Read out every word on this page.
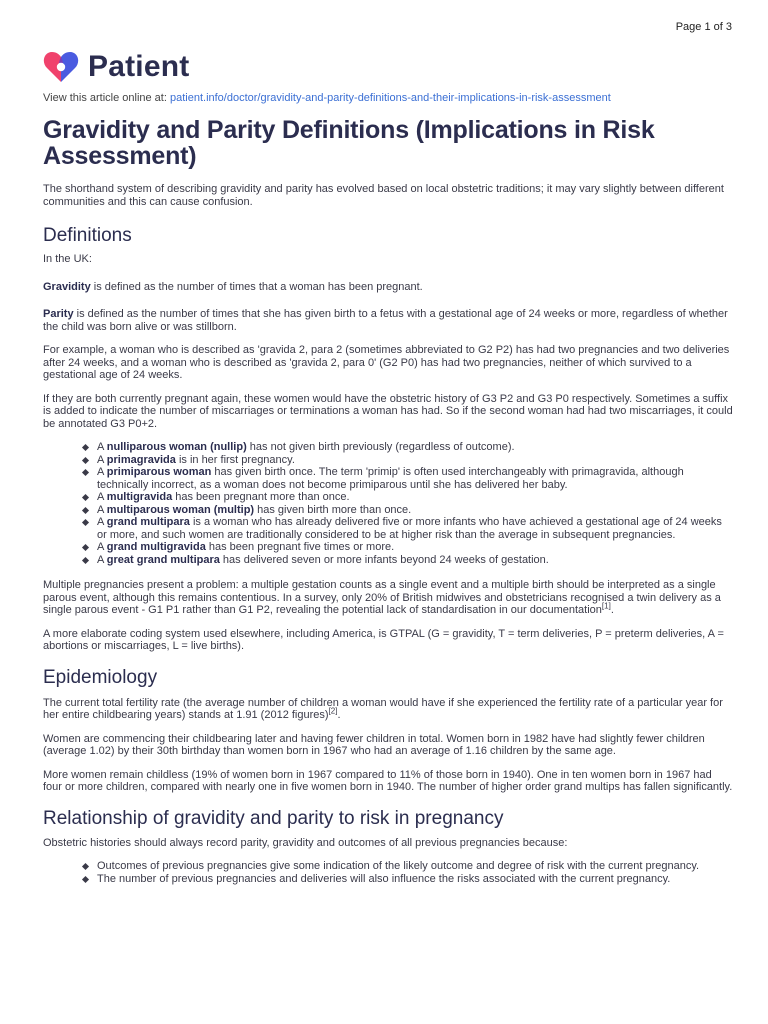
Page 1 of 3
Patient
View this article online at: patient.info/doctor/gravidity-and-parity-definitions-and-their-implications-in-risk-assessment
Gravidity and Parity Definitions (Implications in Risk Assessment)

The shorthand system of describing gravidity and parity has evolved based on local obstetric traditions; it may vary slightly between different communities and this can cause confusion.

Definitions

In the UK:

Gravidity is defined as the number of times that a woman has been pregnant.

Parity is defined as the number of times that she has given birth to a fetus with a gestational age of 24 weeks or more, regardless of whether the child was born alive or was stillborn.

For example, a woman who is described as 'gravida 2, para 2 (sometimes abbreviated to G2 P2) has had two pregnancies and two deliveries after 24 weeks, and a woman who is described as 'gravida 2, para 0' (G2 P0) has had two pregnancies, neither of which survived to a gestational age of 24 weeks.

If they are both currently pregnant again, these women would have the obstetric history of G3 P2 and G3 P0 respectively. Sometimes a suffix is added to indicate the number of miscarriages or terminations a woman has had. So if the second woman had had two miscarriages, it could be annotated G3 P0+2.

A nulliparous woman (nullip) has not given birth previously (regardless of outcome).
A primagravida is in her first pregnancy.
A primiparous woman has given birth once. The term 'primip' is often used interchangeably with primagravida, although technically incorrect, as a woman does not become primiparous until she has delivered her baby.
A multigravida has been pregnant more than once.
A multiparous woman (multip) has given birth more than once.
A grand multipara is a woman who has already delivered five or more infants who have achieved a gestational age of 24 weeks or more, and such women are traditionally considered to be at higher risk than the average in subsequent pregnancies.
A grand multigravida has been pregnant five times or more.
A great grand multipara has delivered seven or more infants beyond 24 weeks of gestation.

Multiple pregnancies present a problem: a multiple gestation counts as a single event and a multiple birth should be interpreted as a single parous event, although this remains contentious. In a survey, only 20% of British midwives and obstetricians recognised a twin delivery as a single parous event - G1 P1 rather than G1 P2, revealing the potential lack of standardisation in our documentation[1].

A more elaborate coding system used elsewhere, including America, is GTPAL (G = gravidity, T = term deliveries, P = preterm deliveries, A = abortions or miscarriages, L = live births).

Epidemiology

The current total fertility rate (the average number of children a woman would have if she experienced the fertility rate of a particular year for her entire childbearing years) stands at 1.91 (2012 figures)[2].

Women are commencing their childbearing later and having fewer children in total. Women born in 1982 have had slightly fewer children (average 1.02) by their 30th birthday than women born in 1967 who had an average of 1.16 children by the same age.

More women remain childless (19% of women born in 1967 compared to 11% of those born in 1940). One in ten women born in 1967 had four or more children, compared with nearly one in five women born in 1940. The number of higher order grand multips has fallen significantly.

Relationship of gravidity and parity to risk in pregnancy

Obstetric histories should always record parity, gravidity and outcomes of all previous pregnancies because:

Outcomes of previous pregnancies give some indication of the likely outcome and degree of risk with the current pregnancy.
The number of previous pregnancies and deliveries will also influence the risks associated with the current pregnancy.
